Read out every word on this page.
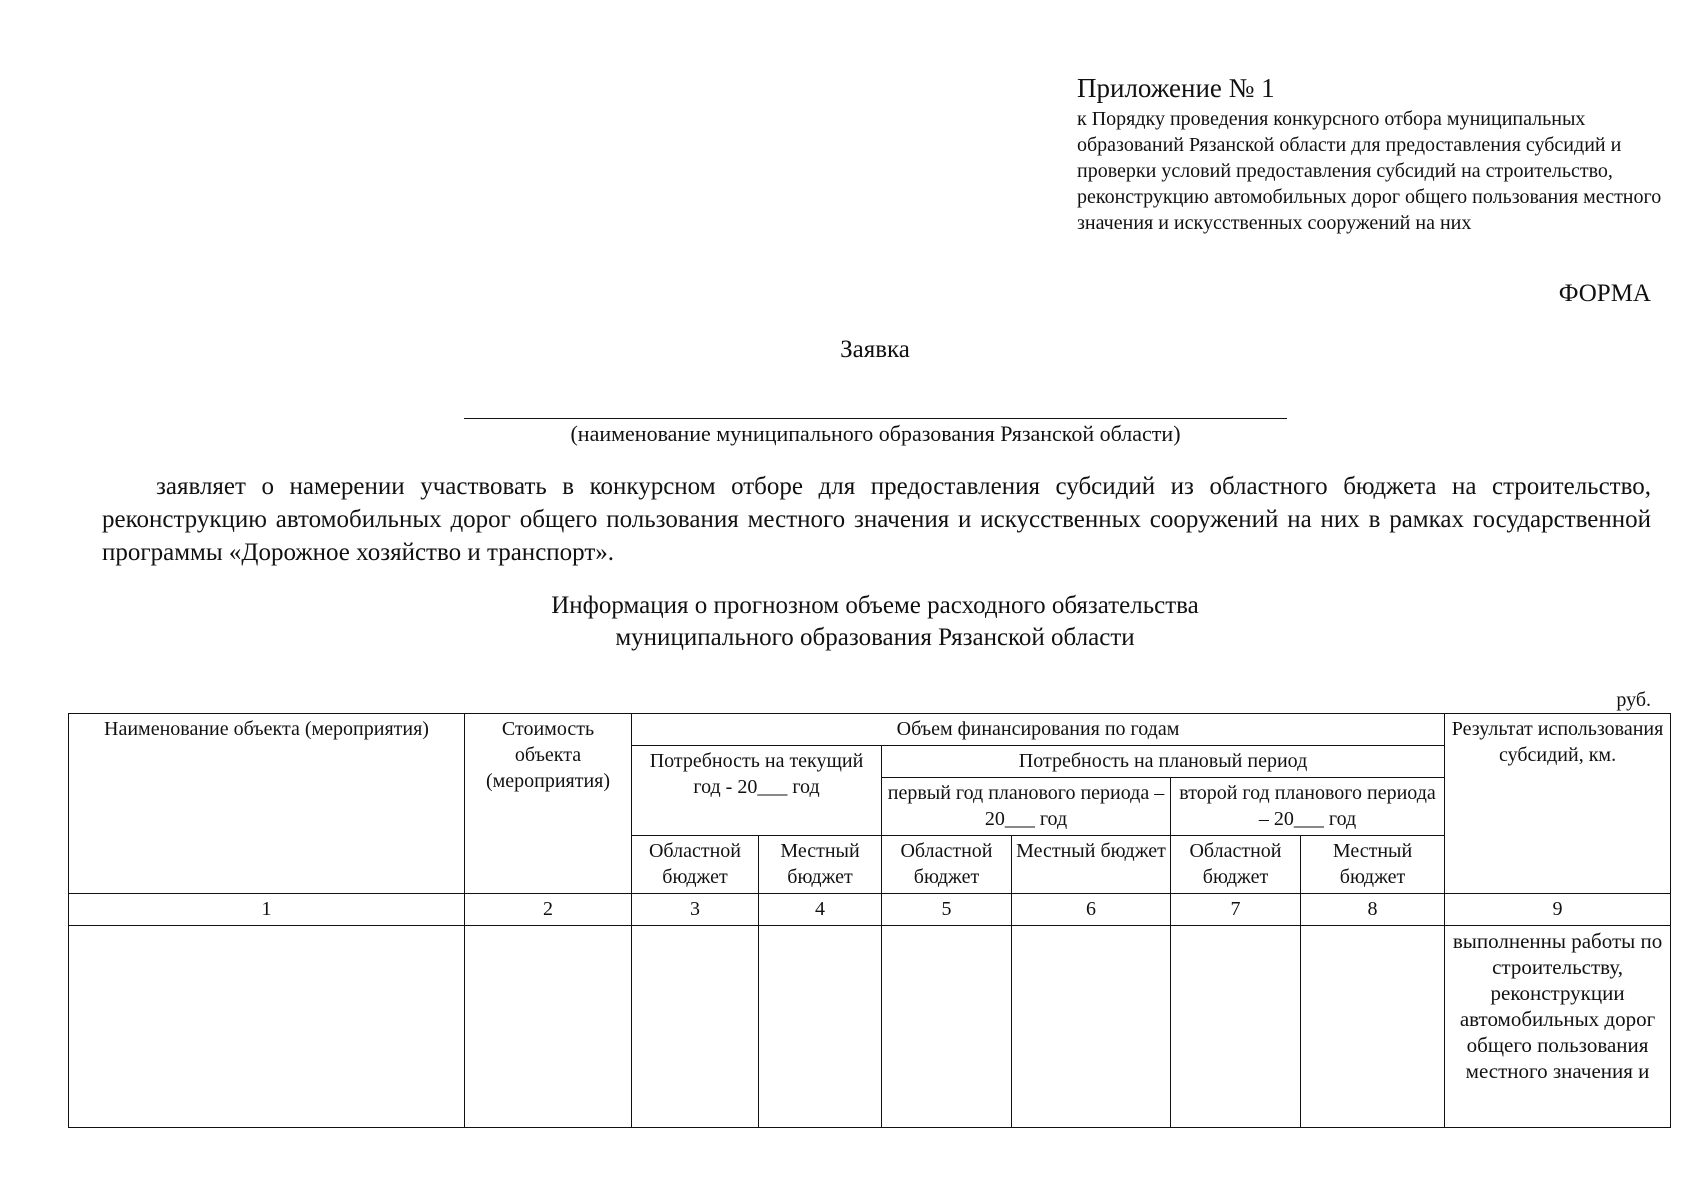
Приложение № 1
к Порядку проведения конкурсного отбора муниципальных образований Рязанской области для предоставления субсидий и проверки условий предоставления субсидий на строительство, реконструкцию автомобильных дорог общего пользования местного значения и искусственных сооружений на них
ФОРМА
Заявка
(наименование муниципального образования Рязанской области)
заявляет о намерении участвовать в конкурсном отборе для предоставления субсидий из областного бюджета на строительство, реконструкцию автомобильных дорог общего пользования местного значения и искусственных сооружений на них в рамках государственной программы «Дорожное хозяйство и транспорт».
Информация о прогнозном объеме расходного обязательства
муниципального образования Рязанской области
руб.
Наименование объекта (мероприятия)	Стоимость объекта (мероприятия)	Объем финансирования по годам						Результат использования субсидий, км.
		Потребность на текущий год - 20___ год		Потребность на плановый период				
				первый год планового периода – 20___ год		второй год планового периода – 20___ год		
		Областной бюджет	Местный бюджет	Областной бюджет	Местный бюджет	Областной бюджет	Местный бюджет	
1	2	3	4	5	6	7	8	9
								выполненны работы по строительству, реконструкции автомобильных дорог общего пользования местного значения и
